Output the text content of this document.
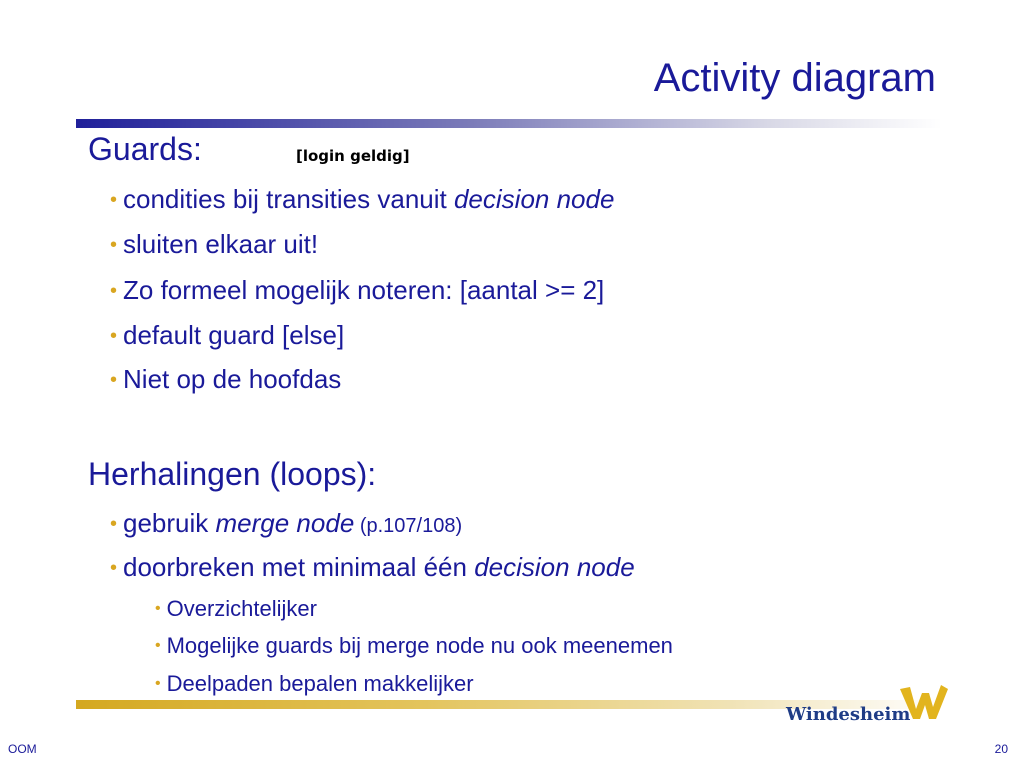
Activity diagram
Guards:	[login geldig]
• condities bij transities vanuit decision node
• sluiten elkaar uit!
• Zo formeel mogelijk noteren: [aantal >= 2]
• default guard [else]
• Niet op de hoofdas
Herhalingen (loops):
• gebruik merge node (p.107/108)
• doorbreken met minimaal één decision node
• Overzichtelijker
• Mogelijke guards bij merge node nu ook meenemen
• Deelpaden bepalen makkelijker
Windesheim
OOM	20
